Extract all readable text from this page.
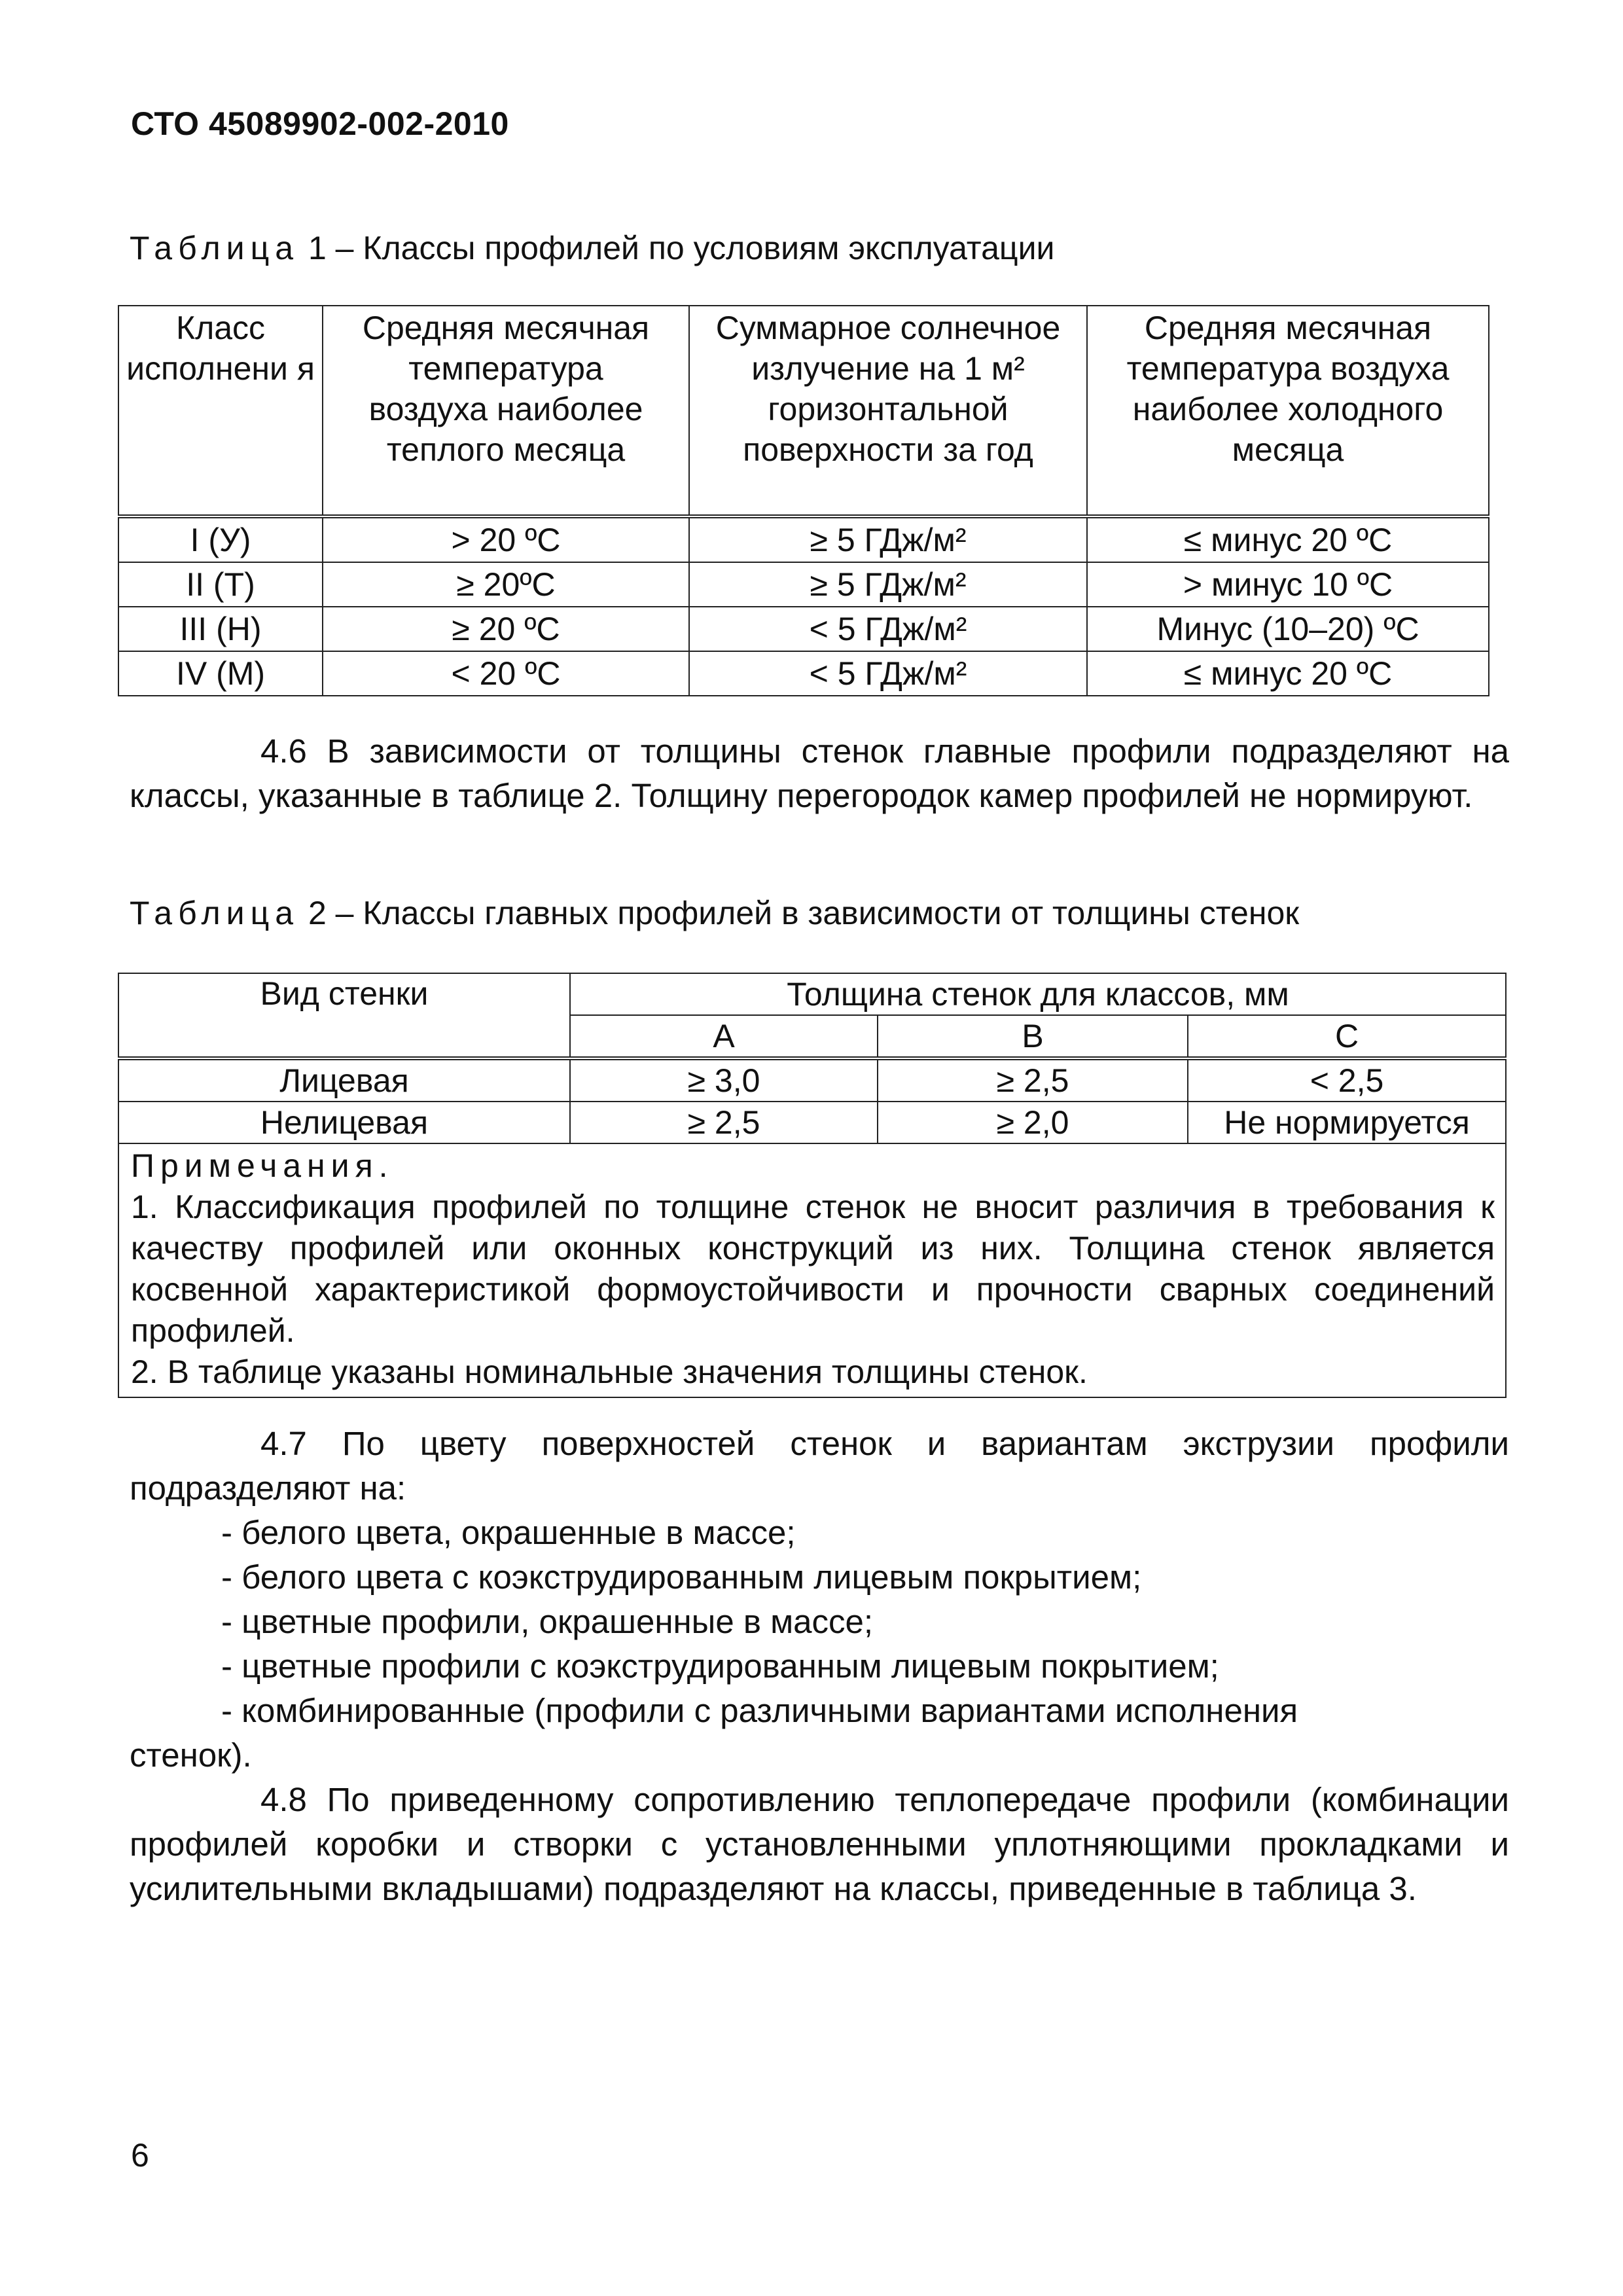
СТО 45089902-002-2010
Таблица 1 – Классы профилей по условиям эксплуатации
Класс исполнени я	Средняя месячная температура воздуха наиболее теплого месяца	Суммарное солнечное излучение на 1 м² горизонтальной поверхности за год	Средняя месячная температура воздуха наиболее холодного месяца
I (У)	> 20 ºС	≥ 5 ГДж/м²	≤ минус 20 ºС
II (Т)	≥ 20ºС	≥ 5 ГДж/м²	> минус 10 ºС
III (Н)	≥ 20 ºС	< 5 ГДж/м²	Минус (10–20) ºС
IV (М)	< 20 ºС	< 5 ГДж/м²	≤ минус 20 ºС

4.6 В зависимости от толщины стенок главные профили подразделяют на классы, указанные в таблице 2. Толщину перегородок камер профилей не нормируют.

Таблица 2 – Классы главных профилей в зависимости от толщины стенок
Вид стенки	Толщина стенок для классов, мм		
	А	В	С
Лицевая	≥ 3,0	≥ 2,5	< 2,5
Нелицевая	≥ 2,5	≥ 2,0	Не нормируется

Примечания.
1. Классификация профилей по толщине стенок не вносит различия в требования к качеству профилей или оконных конструкций из них. Толщина стенок является косвенной характеристикой формоустойчивости и прочности сварных соединений профилей.
2. В таблице указаны номинальные значения толщины стенок.			

4.7 По цвету поверхностей стенок и вариантам экструзии профили подразделяют на:

- белого цвета, окрашенные в массе;
- белого цвета с коэкструдированным лицевым покрытием;
- цветные профили, окрашенные в массе;
- цветные профили с коэкструдированным лицевым покрытием;
- комбинированные (профили с различными вариантами исполнения
стенок).

4.8 По приведенному сопротивлению теплопередаче профили (комбинации профилей коробки и створки с установленными уплотняющими прокладками и усилительными вкладышами) подразделяют на классы, приведенные в таблица 3.

6
